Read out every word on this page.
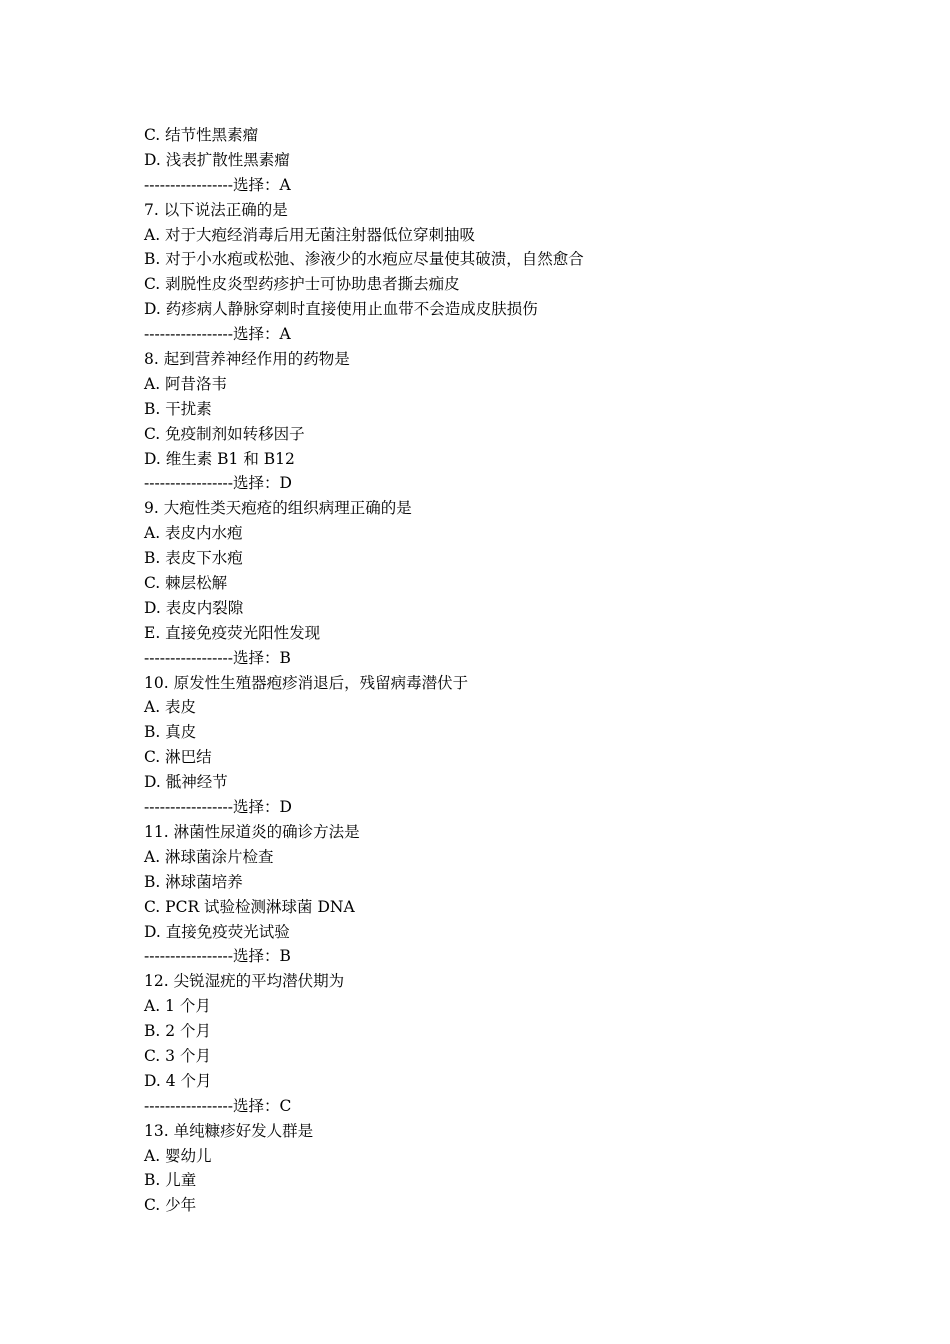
C. 结节性黑素瘤
D. 浅表扩散性黑素瘤
-----------------选择：A
7. 以下说法正确的是
A. 对于大疱经消毒后用无菌注射器低位穿刺抽吸
B. 对于小水疱或松弛、渗液少的水疱应尽量使其破溃，自然愈合
C. 剥脱性皮炎型药疹护士可协助患者撕去痂皮
D. 药疹病人静脉穿刺时直接使用止血带不会造成皮肤损伤
-----------------选择：A
8. 起到营养神经作用的药物是
A. 阿昔洛韦
B. 干扰素
C. 免疫制剂如转移因子
D. 维生素 B1 和 B12
-----------------选择：D
9. 大疱性类天疱疮的组织病理正确的是
A. 表皮内水疱
B. 表皮下水疱
C. 棘层松解
D. 表皮内裂隙
E. 直接免疫荧光阳性发现
-----------------选择：B
10. 原发性生殖器疱疹消退后，残留病毒潜伏于
A. 表皮
B. 真皮
C. 淋巴结
D. 骶神经节
-----------------选择：D
11. 淋菌性尿道炎的确诊方法是
A. 淋球菌涂片检查
B. 淋球菌培养
C. PCR 试验检测淋球菌 DNA
D. 直接免疫荧光试验
-----------------选择：B
12. 尖锐湿疣的平均潜伏期为
A. 1 个月
B. 2 个月
C. 3 个月
D. 4 个月
-----------------选择：C
13. 单纯糠疹好发人群是
A. 婴幼儿
B. 儿童
C. 少年
